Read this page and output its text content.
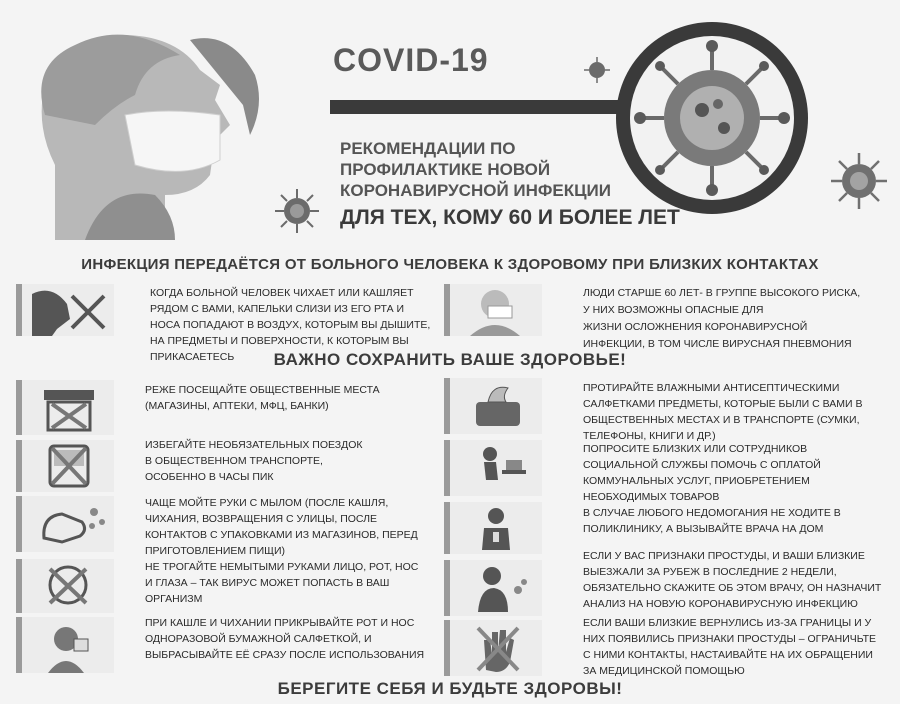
COVID-19
РЕКОМЕНДАЦИИ ПО
ПРОФИЛАКТИКЕ НОВОЙ
КОРОНАВИРУСНОЙ ИНФЕКЦИИ
ДЛЯ ТЕХ, КОМУ 60 И БОЛЕЕ ЛЕТ
ИНФЕКЦИЯ ПЕРЕДАЁТСЯ ОТ БОЛЬНОГО ЧЕЛОВЕКА К ЗДОРОВОМУ ПРИ БЛИЗКИХ КОНТАКТАХ
КОГДА БОЛЬНОЙ ЧЕЛОВЕК ЧИХАЕТ ИЛИ КАШЛЯЕТ
РЯДОМ С ВАМИ, КАПЕЛЬКИ СЛИЗИ ИЗ ЕГО РТА И
НОСА ПОПАДАЮТ В ВОЗДУХ, КОТОРЫМ ВЫ ДЫШИТЕ,
НА ПРЕДМЕТЫ И ПОВЕРХНОСТИ, К КОТОРЫМ ВЫ
ПРИКАСАЕТЕСЬ
ЛЮДИ СТАРШЕ 60 ЛЕТ- В ГРУППЕ ВЫСОКОГО РИСКА,
У НИХ ВОЗМОЖНЫ ОПАСНЫЕ ДЛЯ
ЖИЗНИ ОСЛОЖНЕНИЯ КОРОНАВИРУСНОЙ
ИНФЕКЦИИ, В ТОМ ЧИСЛЕ ВИРУСНАЯ ПНЕВМОНИЯ
ВАЖНО СОХРАНИТЬ ВАШЕ ЗДОРОВЬЕ!
РЕЖЕ ПОСЕЩАЙТЕ ОБЩЕСТВЕННЫЕ МЕСТА
(МАГАЗИНЫ, АПТЕКИ, МФЦ, БАНКИ)
ИЗБЕГАЙТЕ НЕОБЯЗАТЕЛЬНЫХ ПОЕЗДОК
В ОБЩЕСТВЕННОМ ТРАНСПОРТЕ,
ОСОБЕННО В ЧАСЫ ПИК
ЧАЩЕ МОЙТЕ РУКИ С МЫЛОМ (ПОСЛЕ КАШЛЯ,
ЧИХАНИЯ, ВОЗВРАЩЕНИЯ С УЛИЦЫ, ПОСЛЕ
КОНТАКТОВ С УПАКОВКАМИ ИЗ МАГАЗИНОВ, ПЕРЕД
ПРИГОТОВЛЕНИЕМ ПИЩИ)
НЕ ТРОГАЙТЕ НЕМЫТЫМИ РУКАМИ ЛИЦО, РОТ, НОС
И ГЛАЗА – ТАК ВИРУС МОЖЕТ ПОПАСТЬ В ВАШ
ОРГАНИЗМ
ПРИ КАШЛЕ И ЧИХАНИИ ПРИКРЫВАЙТЕ РОТ И НОС
ОДНОРАЗОВОЙ БУМАЖНОЙ САЛФЕТКОЙ, И
ВЫБРАСЫВАЙТЕ ЕЁ СРАЗУ ПОСЛЕ ИСПОЛЬЗОВАНИЯ
ПРОТИРАЙТЕ ВЛАЖНЫМИ АНТИСЕПТИЧЕСКИМИ
САЛФЕТКАМИ ПРЕДМЕТЫ, КОТОРЫЕ БЫЛИ С ВАМИ В
ОБЩЕСТВЕННЫХ МЕСТАХ И В ТРАНСПОРТЕ (СУМКИ,
ТЕЛЕФОНЫ, КНИГИ И ДР.)
ПОПРОСИТЕ БЛИЗКИХ ИЛИ СОТРУДНИКОВ
СОЦИАЛЬНОЙ СЛУЖБЫ ПОМОЧЬ С ОПЛАТОЙ
КОММУНАЛЬНЫХ УСЛУГ, ПРИОБРЕТЕНИЕМ
НЕОБХОДИМЫХ ТОВАРОВ
В СЛУЧАЕ ЛЮБОГО НЕДОМОГАНИЯ НЕ ХОДИТЕ В
ПОЛИКЛИНИКУ, А ВЫЗЫВАЙТЕ ВРАЧА НА ДОМ
ЕСЛИ У ВАС ПРИЗНАКИ ПРОСТУДЫ, И ВАШИ БЛИЗКИЕ
ВЫЕЗЖАЛИ ЗА РУБЕЖ В ПОСЛЕДНИЕ 2 НЕДЕЛИ,
ОБЯЗАТЕЛЬНО СКАЖИТЕ ОБ ЭТОМ ВРАЧУ, ОН НАЗНАЧИТ
АНАЛИЗ НА НОВУЮ КОРОНАВИРУСНУЮ ИНФЕКЦИЮ
ЕСЛИ ВАШИ БЛИЗКИЕ ВЕРНУЛИСЬ ИЗ-ЗА ГРАНИЦЫ И У
НИХ ПОЯВИЛИСЬ ПРИЗНАКИ ПРОСТУДЫ – ОГРАНИЧЬТЕ
С НИМИ КОНТАКТЫ, НАСТАИВАЙТЕ НА ИХ ОБРАЩЕНИИ
ЗА МЕДИЦИНСКОЙ ПОМОЩЬЮ
БЕРЕГИТЕ СЕБЯ И БУДЬТЕ ЗДОРОВЫ!
